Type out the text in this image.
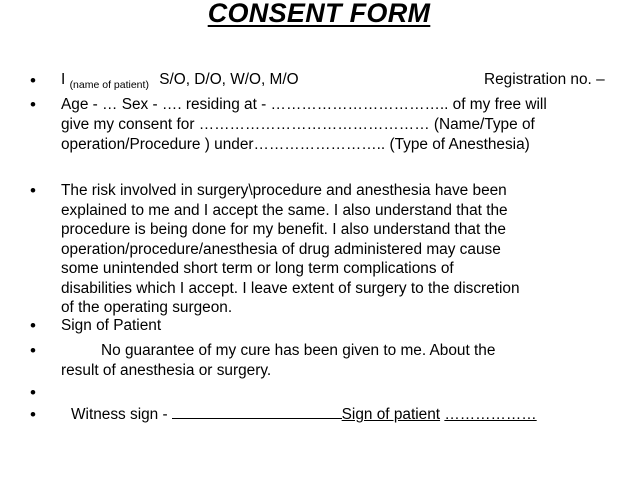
CONSENT FORM
• I $_{(name of patient)}$ S/O, D/O, W/O, M/O	Registration no. –
• Age - … Sex - …. residing at - …………………………….. of my free will
give my consent for ……………………………………… (Name/Type of
operation/Procedure ) under…………………….. (Type of Anesthesia)
• The risk involved in surgery\procedure and anesthesia have been
explained to me and I accept the same. I also understand that the
procedure is being done for my benefit. I also understand that the
operation/procedure/anesthesia of drug administered may cause
some unintended short term or long term complications of
disabilities which I accept. I leave extent of surgery to the discretion
of the operating surgeon.
• Sign of Patient
•	No guarantee of my cure has been given to me. About the
result of anesthesia or surgery.
•
• Witness sign -	Sign of patient ………………
